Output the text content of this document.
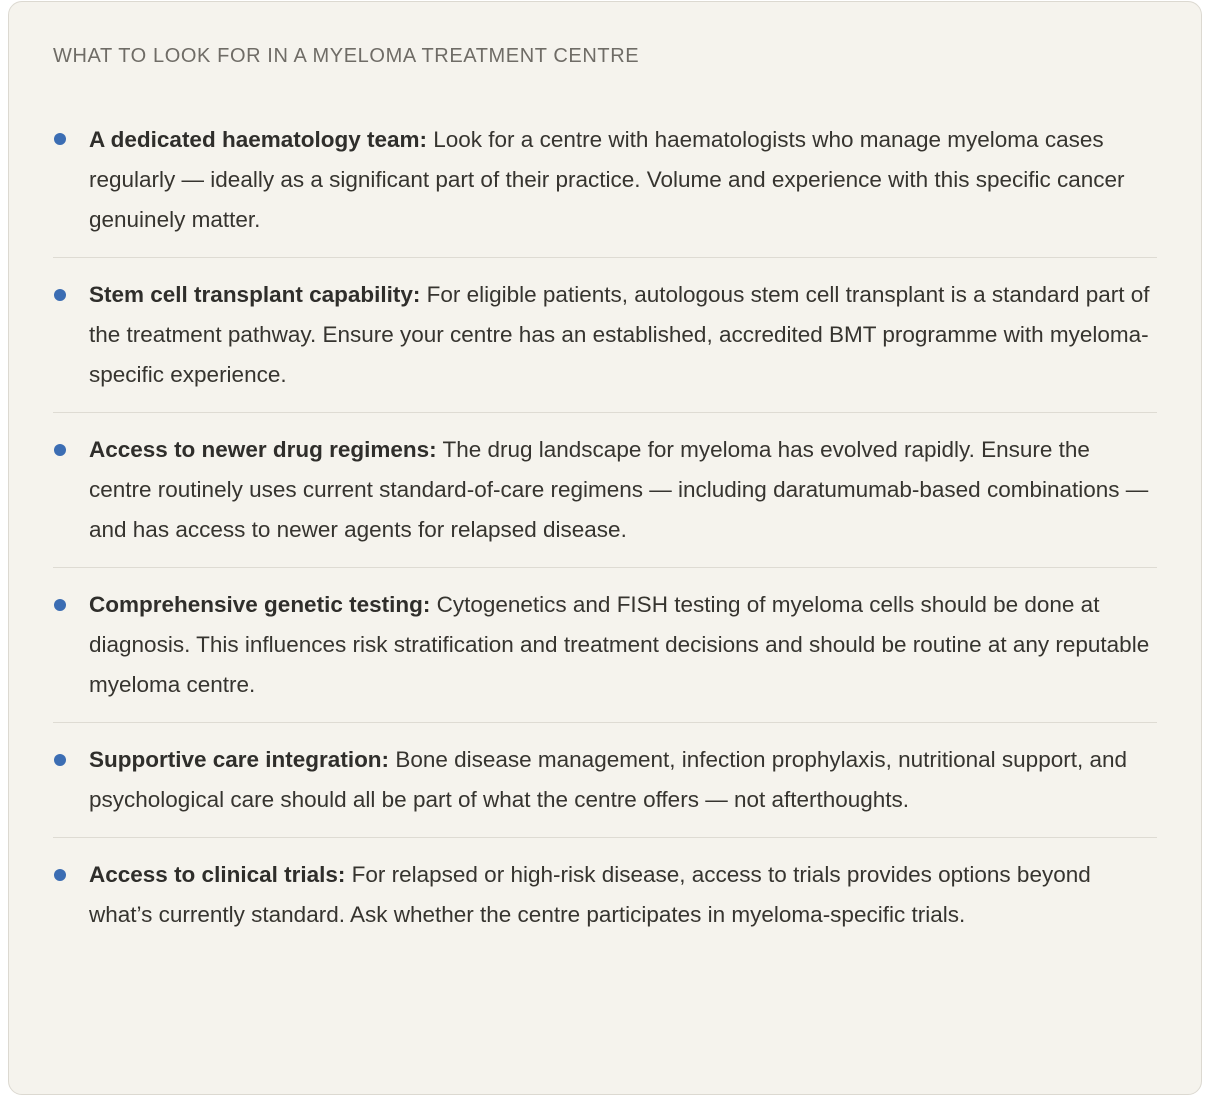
WHAT TO LOOK FOR IN A MYELOMA TREATMENT CENTRE
A dedicated haematology team: Look for a centre with haematologists who manage myeloma cases regularly — ideally as a significant part of their practice. Volume and experience with this specific cancer genuinely matter.
Stem cell transplant capability: For eligible patients, autologous stem cell transplant is a standard part of the treatment pathway. Ensure your centre has an established, accredited BMT programme with myeloma-specific experience.
Access to newer drug regimens: The drug landscape for myeloma has evolved rapidly. Ensure the centre routinely uses current standard-of-care regimens — including daratumumab-based combinations — and has access to newer agents for relapsed disease.
Comprehensive genetic testing: Cytogenetics and FISH testing of myeloma cells should be done at diagnosis. This influences risk stratification and treatment decisions and should be routine at any reputable myeloma centre.
Supportive care integration: Bone disease management, infection prophylaxis, nutritional support, and psychological care should all be part of what the centre offers — not afterthoughts.
Access to clinical trials: For relapsed or high-risk disease, access to trials provides options beyond what’s currently standard. Ask whether the centre participates in myeloma-specific trials.
